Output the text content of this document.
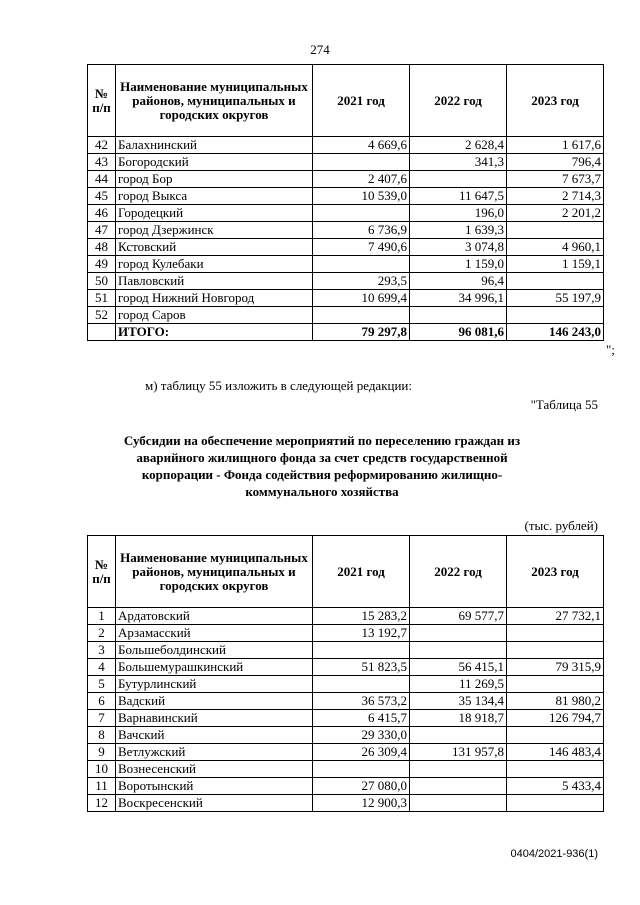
274
№ п/п	Наименование муниципальных районов, муниципальных и городских округов	2021 год	2022 год	2023 год
42	Балахнинский	4 669,6	2 628,4	1 617,6
43	Богородский		341,3	796,4
44	город Бор	2 407,6		7 673,7
45	город Выкса	10 539,0	11 647,5	2 714,3
46	Городецкий		196,0	2 201,2
47	город Дзержинск	6 736,9	1 639,3	
48	Кстовский	7 490,6	3 074,8	4 960,1
49	город Кулебаки		1 159,0	1 159,1
50	Павловский	293,5	96,4	
51	город Нижний Новгород	10 699,4	34 996,1	55 197,9
52	город Саров			
	ИТОГО:	79 297,8	96 081,6	146 243,0
";
м) таблицу 55 изложить в следующей редакции:
"Таблица 55
Субсидии на обеспечение мероприятий по переселению граждан из аварийного жилищного фонда за счет средств государственной корпорации - Фонда содействия реформированию жилищно-коммунального хозяйства
(тыс. рублей)
№ п/п	Наименование муниципальных районов, муниципальных и городских округов	2021 год	2022 год	2023 год
1	Ардатовский	15 283,2	69 577,7	27 732,1
2	Арзамасский	13 192,7		
3	Большеболдинский			
4	Большемурашкинский	51 823,5	56 415,1	79 315,9
5	Бутурлинский		11 269,5	
6	Вадский	36 573,2	35 134,4	81 980,2
7	Варнавинский	6 415,7	18 918,7	126 794,7
8	Вачский	29 330,0		
9	Ветлужский	26 309,4	131 957,8	146 483,4
10	Вознесенский			
11	Воротынский	27 080,0		5 433,4
12	Воскресенский	12 900,3		
0404/2021-936(1)
